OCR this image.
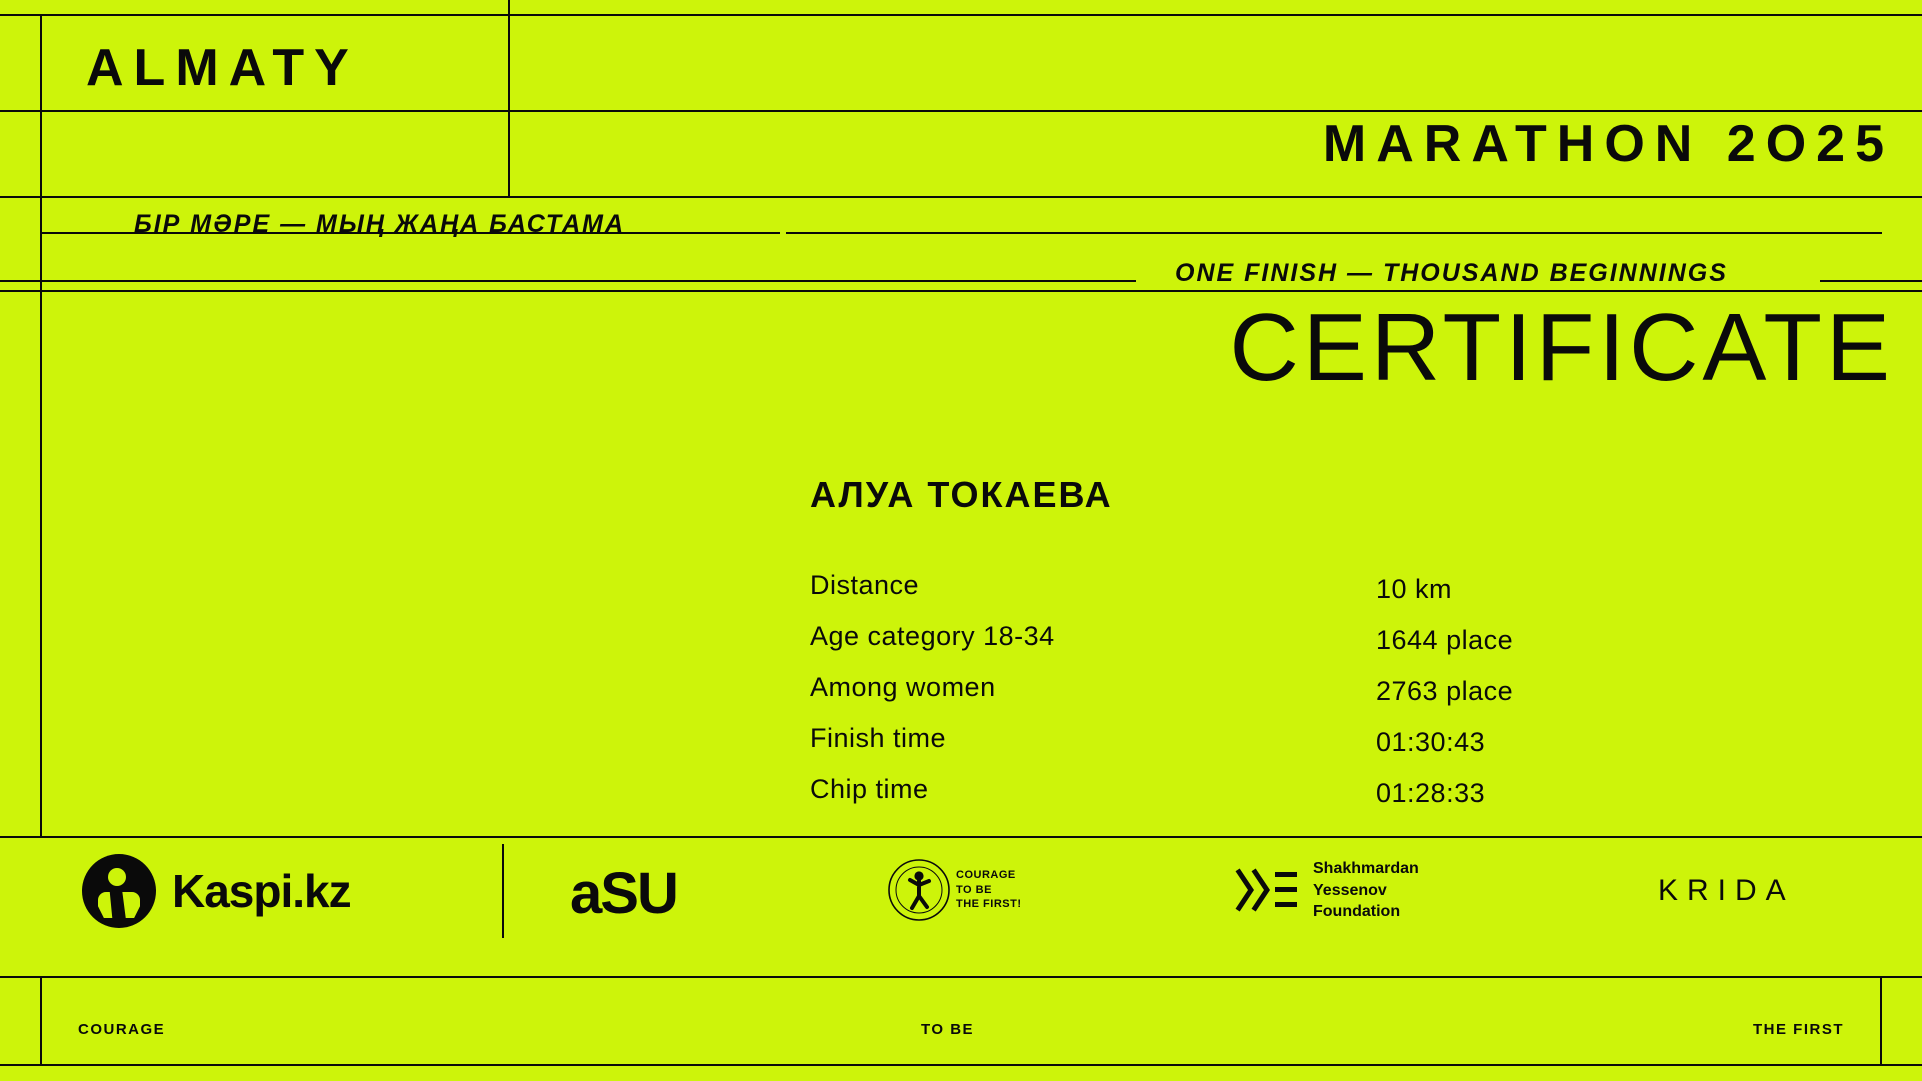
ALMATY
MARATHON 2O25
БІР МӘРЕ — МЫҢ ЖАҢА БАСТАМА
ONE FINISH — THOUSAND BEGINNINGS
CERTIFICATE
АЛУА ТОКАЕВА
Distance	10 km
Age category 18-34	1644 place
Among women	2763 place
Finish time	01:30:43
Chip time	01:28:33
Kaspi.kz	aSU	COURAGE
TO BE
THE FIRST!
Shakhmardan
Yessenov
Foundation
KRIDA
COURAGE	TO BE	THE FIRST
